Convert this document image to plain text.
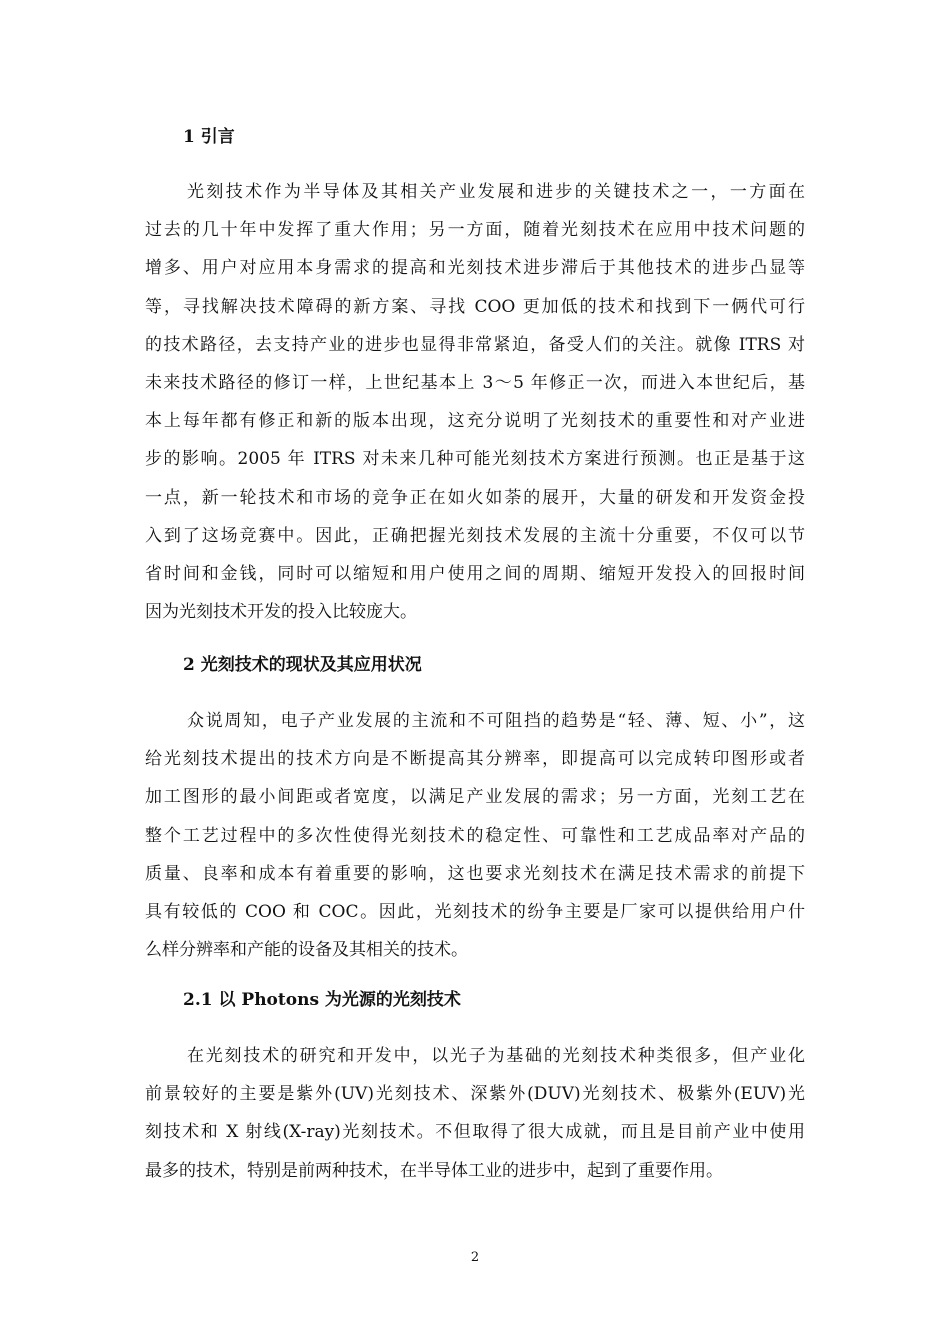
1 引言
光刻技术作为半导体及其相关产业发展和进步的关键技术之一，一方面在
过去的几十年中发挥了重大作用；另一方面，随着光刻技术在应用中技术问题的
增多、用户对应用本身需求的提高和光刻技术进步滞后于其他技术的进步凸显等
等，寻找解决技术障碍的新方案、寻找 COO 更加低的技术和找到下一俩代可行
的技术路径，去支持产业的进步也显得非常紧迫，备受人们的关注。就像 ITRS 对
未来技术路径的修订一样，上世纪基本上 3～5 年修正一次，而进入本世纪后，基
本上每年都有修正和新的版本出现，这充分说明了光刻技术的重要性和对产业进
步的影响。2005 年 ITRS 对未来几种可能光刻技术方案进行预测。也正是基于这
一点，新一轮技术和市场的竞争正在如火如荼的展开，大量的研发和开发资金投
入到了这场竞赛中。因此，正确把握光刻技术发展的主流十分重要，不仅可以节
省时间和金钱，同时可以缩短和用户使用之间的周期、缩短开发投入的回报时间
因为光刻技术开发的投入比较庞大。
2 光刻技术的现状及其应用状况
众说周知，电子产业发展的主流和不可阻挡的趋势是“轻、薄、短、小”，这
给光刻技术提出的技术方向是不断提高其分辨率，即提高可以完成转印图形或者
加工图形的最小间距或者宽度，以满足产业发展的需求；另一方面，光刻工艺在
整个工艺过程中的多次性使得光刻技术的稳定性、可靠性和工艺成品率对产品的
质量、良率和成本有着重要的影响，这也要求光刻技术在满足技术需求的前提下
具有较低的 COO 和 COC。因此，光刻技术的纷争主要是厂家可以提供给用户什
么样分辨率和产能的设备及其相关的技术。
2.1 以 Photons 为光源的光刻技术
在光刻技术的研究和开发中，以光子为基础的光刻技术种类很多，但产业化
前景较好的主要是紫外(UV)光刻技术、深紫外(DUV)光刻技术、极紫外(EUV)光
刻技术和 X 射线(X-ray)光刻技术。不但取得了很大成就，而且是目前产业中使用
最多的技术，特别是前两种技术，在半导体工业的进步中，起到了重要作用。
2
